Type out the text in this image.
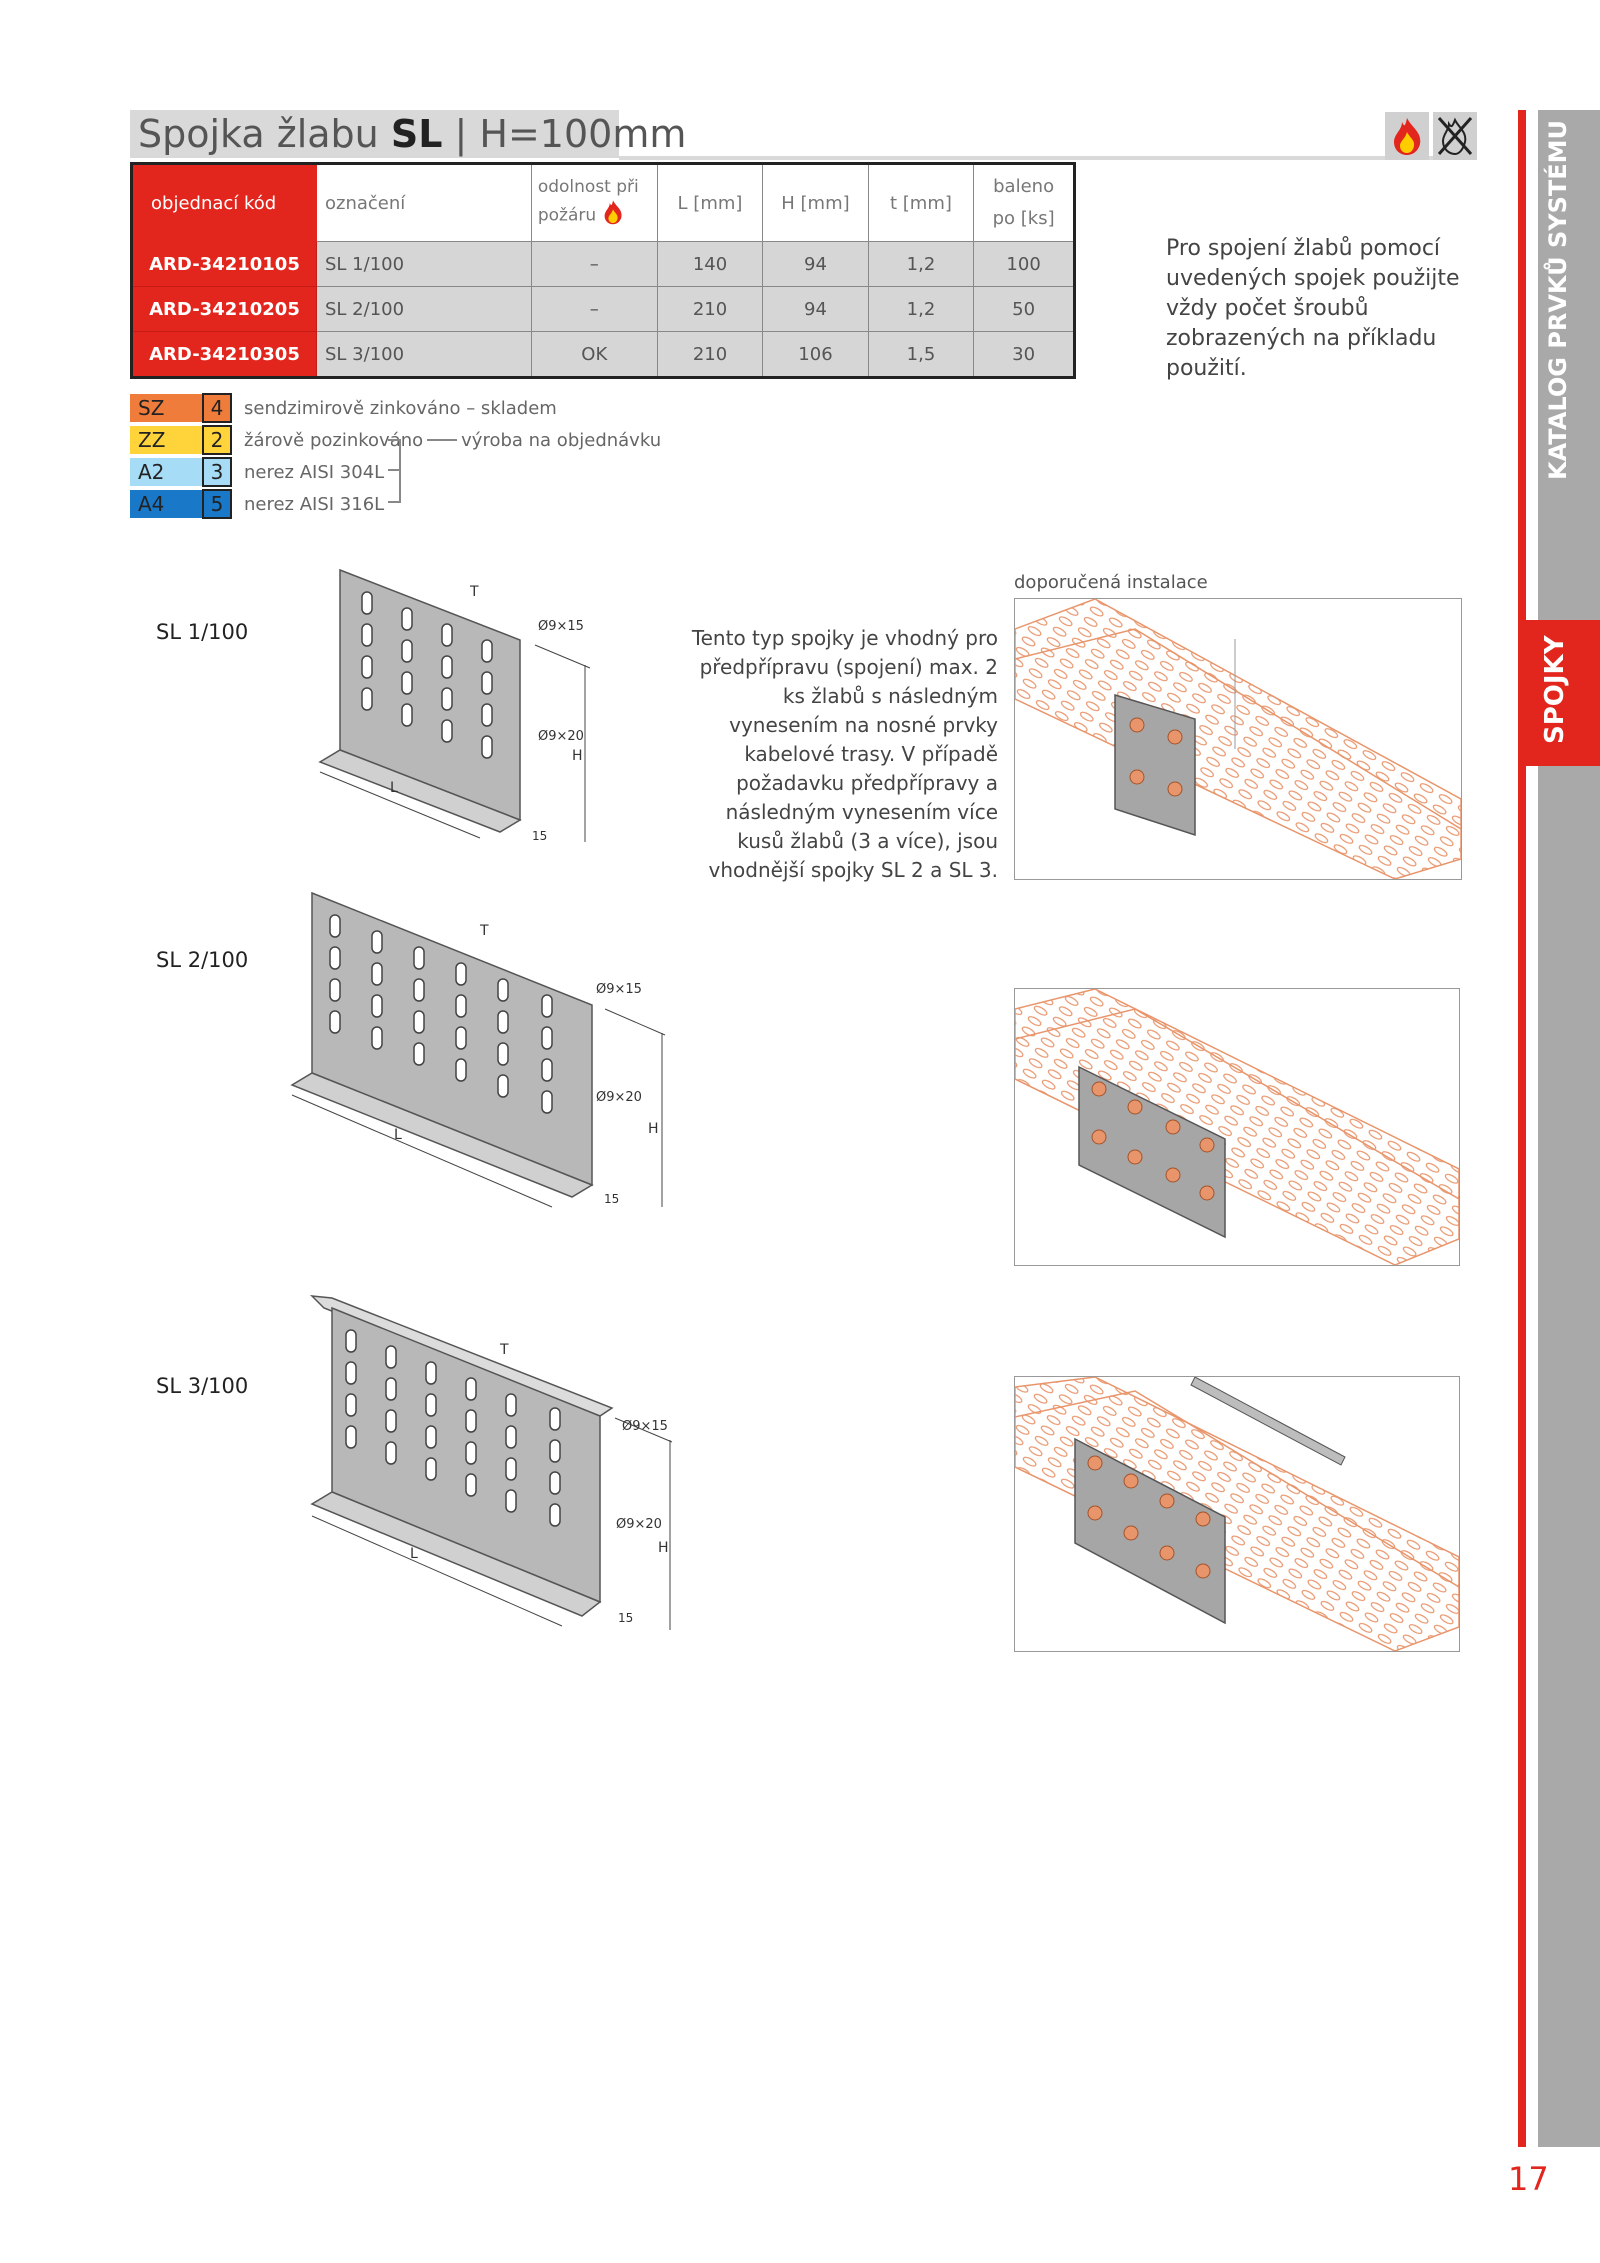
Spojka žlabu SL | H=100mm
objednací kód	označení	odolnost při požáru	L [mm]	H [mm]	t [mm]	baleno po [ks]
ARD-34210105	SL 1/100	–	140	94	1,2	100
ARD-34210205	SL 2/100	–	210	94	1,2	50
ARD-34210305	SL 3/100	OK	210	106	1,5	30
SZ	4	sendzimirově zinkováno – skladem
ZZ	2	žárově pozinkováno výroba na objednávku
A2	3	nerez AISI 304L
A4	5	nerez AISI 316L
Pro spojení žlabů pomocí uvedených spojek použijte vždy počet šroubů zobrazených na příkladu použití.
SL 1/100
SL 2/100
SL 3/100
T
Ø9×15
Ø9×20
H
L
15
T
Ø9×15
Ø9×20
H
L
15
T
Ø9×15
Ø9×20
H
L
15
Tento typ spojky je vhodný pro předpřípravu (spojení) max. 2 ks žlabů s následným vynesením na nosné prvky kabelové trasy. V případě požadavku předpřípravy a následným vynesením více kusů žlabů (3 a více), jsou vhodnější spojky SL 2 a SL 3.
doporučená instalace
KATALOG PRVKŮ SYSTÉMU
SPOJKY
17
